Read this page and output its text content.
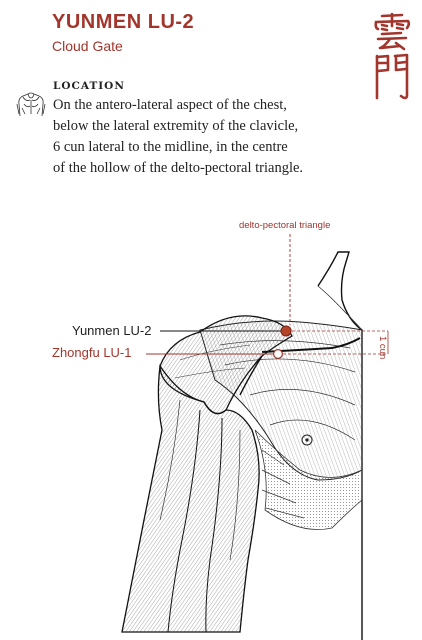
YUNMEN LU-2
Cloud Gate
LOCATION
On the antero-lateral aspect of the chest,
below the lateral extremity of the clavicle,
6 cun lateral to the midline, in the centre
of the hollow of the delto-pectoral triangle.
delto-pectoral triangle
Yunmen LU-2
Zhongfu LU-1	1 cun
